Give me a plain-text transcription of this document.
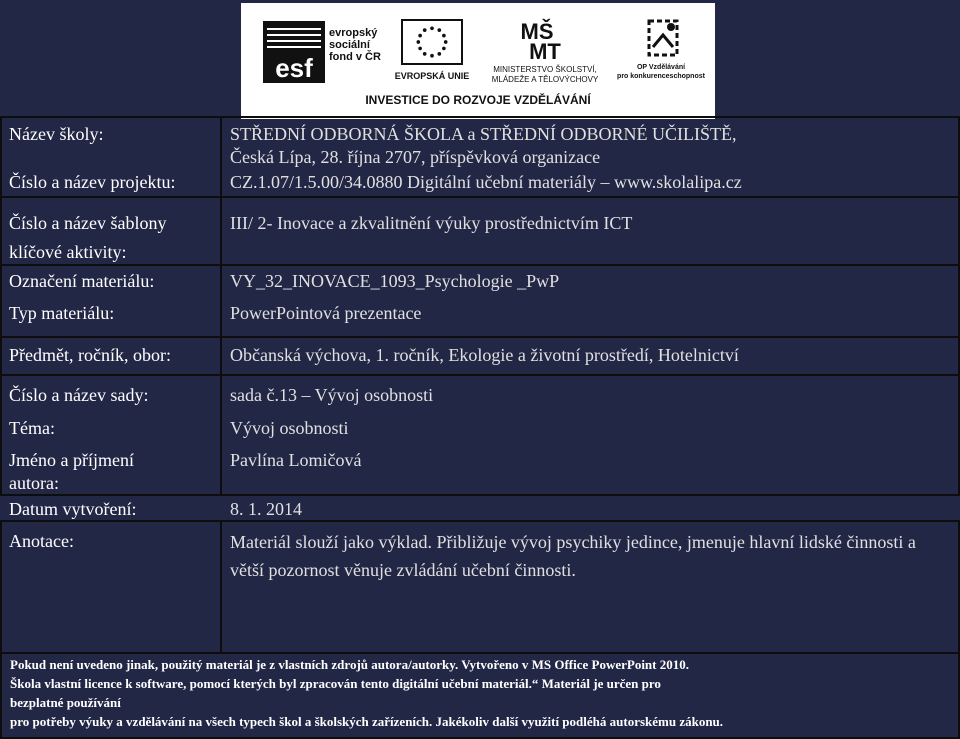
esf
evropský
sociální
fond v ČR
EVROPSKÁ UNIE
MŠ
MT
MINISTERSTVO ŠKOLSTVÍ,
MLÁDEŽE A TĚLOVÝCHOVY
OP Vzdělávání
pro konkurenceschopnost
INVESTICE DO ROZVOJE VZDĚLÁVÁNÍ
Název školy:
Číslo a název projektu:
Číslo a název šablony
klíčové aktivity:
Označení materiálu:
Typ materiálu:
Předmět, ročník, obor:
Číslo a název sady:
Téma:
Jméno a příjmení
autora:
Datum vytvoření:
Anotace:
STŘEDNÍ ODBORNÁ ŠKOLA a STŘEDNÍ ODBORNÉ UČILIŠTĚ,
Česká Lípa, 28. října 2707, příspěvková organizace
CZ.1.07/1.5.00/34.0880 Digitální učební materiály – www.skolalipa.cz
III/ 2- Inovace a zkvalitnění výuky prostřednictvím ICT
VY_32_INOVACE_1093_Psychologie _PwP
PowerPointová prezentace
Občanská výchova, 1. ročník, Ekologie a životní prostředí, Hotelnictví
sada č.13 – Vývoj osobnosti
Vývoj osobnosti
Pavlína Lomičová
8. 1. 2014
Materiál slouží jako výklad. Přibližuje vývoj psychiky jedince, jmenuje hlavní lidské činnosti a větší pozornost věnuje zvládání učební činnosti.
Pokud není uvedeno jinak, použitý materiál je z vlastních zdrojů autora/autorky. Vytvořeno v MS Office PowerPoint 2010.
Škola vlastní licence k software, pomocí kterých byl zpracován tento digitální učební materiál.“ Materiál je určen pro
bezplatné používání
pro potřeby výuky a vzdělávání na všech typech škol a školských zařízeních. Jakékoliv další využití podléhá autorskému zákonu.
